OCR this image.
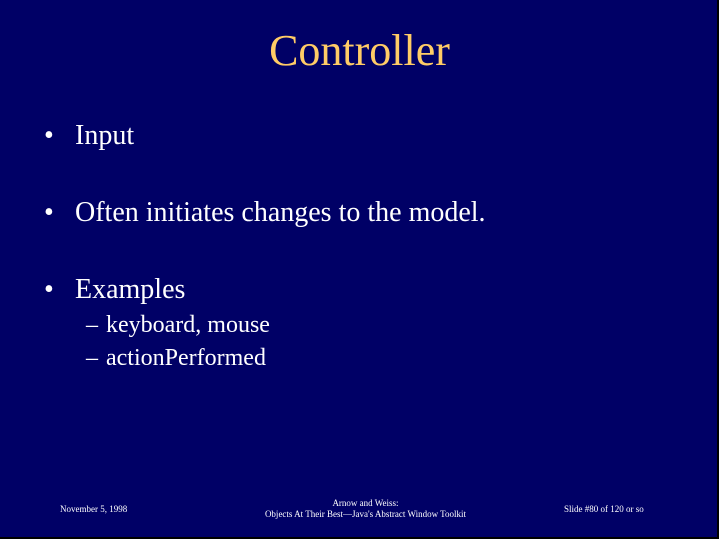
Controller
• Input
• Often initiates changes to the model.
• Examples
– keyboard, mouse
– actionPerformed
November 5, 1998
Arnow and Weiss:
Objects At Their Best—Java's Abstract Window Toolkit	Slide #80 of 120 or so
